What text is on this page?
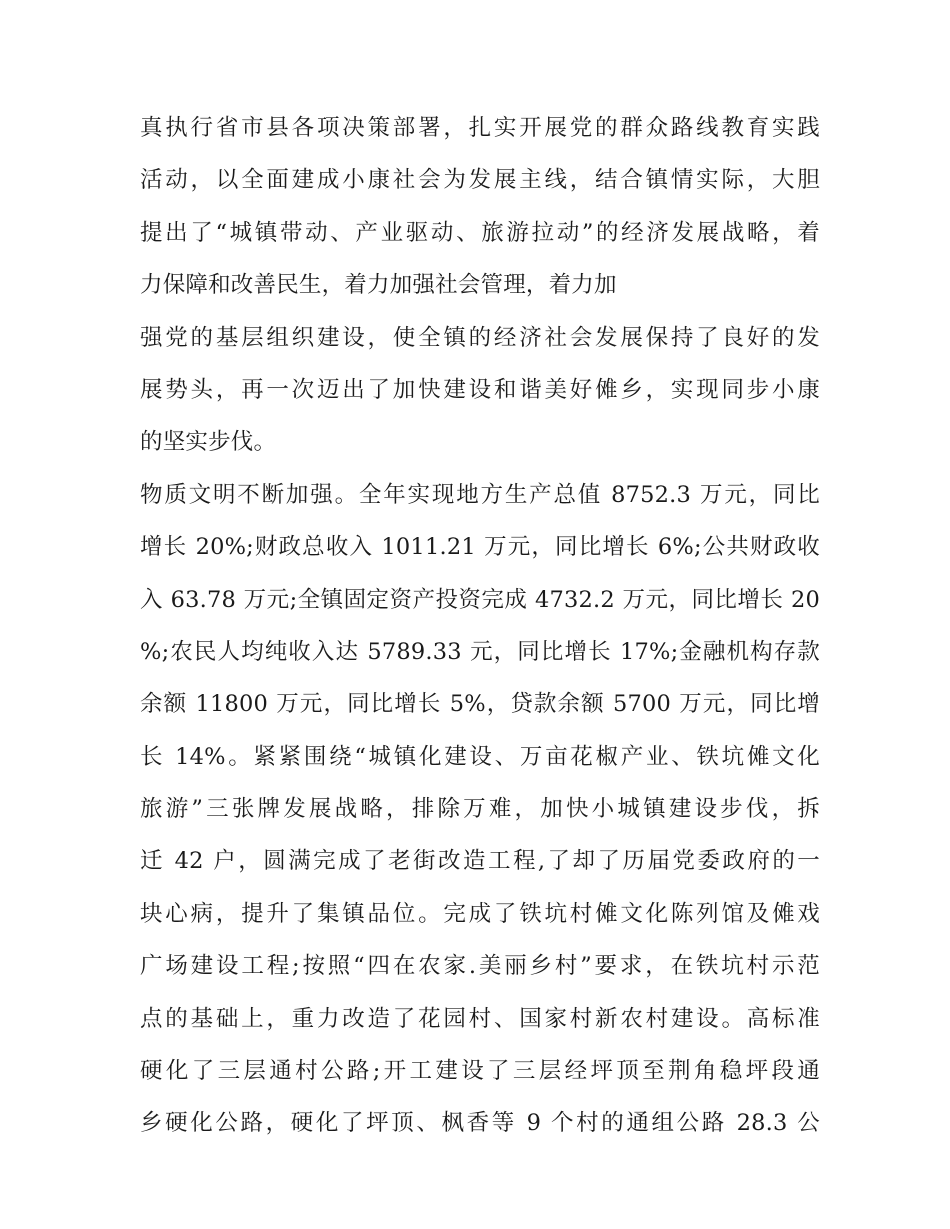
真执行省市县各项决策部署，扎实开展党的群众路线教育实践
活动，以全面建成小康社会为发展主线，结合镇情实际，大胆
提出了“城镇带动、产业驱动、旅游拉动”的经济发展战略，着
力保障和改善民生，着力加强社会管理，着力加
强党的基层组织建设，使全镇的经济社会发展保持了良好的发
展势头，再一次迈出了加快建设和谐美好傩乡，实现同步小康
的坚实步伐。
物质文明不断加强。全年实现地方生产总值 8752.3 万元，同比
增长 20%;财政总收入 1011.21 万元，同比增长 6%;公共财政收
入 63.78 万元;全镇固定资产投资完成 4732.2 万元，同比增长 20
%;农民人均纯收入达 5789.33 元，同比增长 17%;金融机构存款
余额 11800 万元，同比增长 5%，贷款余额 5700 万元，同比增
长 14%。紧紧围绕“城镇化建设、万亩花椒产业、铁坑傩文化
旅游”三张牌发展战略，排除万难，加快小城镇建设步伐，拆
迁 42 户，圆满完成了老街改造工程,了却了历届党委政府的一
块心病，提升了集镇品位。完成了铁坑村傩文化陈列馆及傩戏
广场建设工程;按照“四在农家.美丽乡村”要求，在铁坑村示范
点的基础上，重力改造了花园村、国家村新农村建设。高标准
硬化了三层通村公路;开工建设了三层经坪顶至荆角稳坪段通
乡硬化公路，硬化了坪顶、枫香等 9 个村的通组公路 28.3 公
